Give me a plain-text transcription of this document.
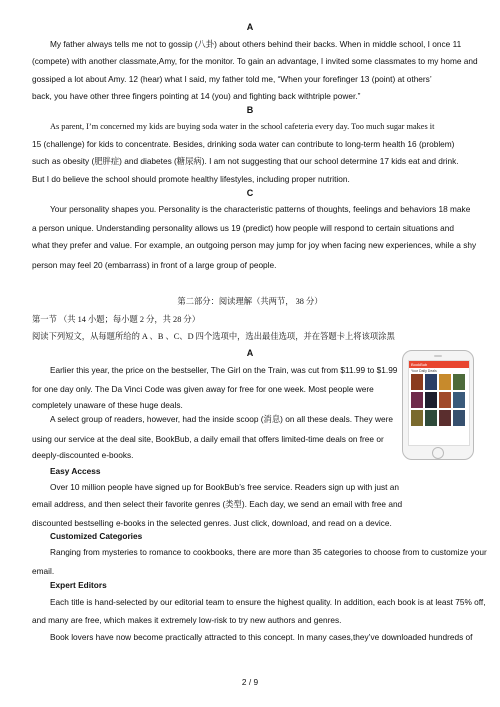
A
My father always tells me not to gossip (八卦) about others behind their backs. When in middle school, I once 11
(compete) with another classmate,Amy, for the monitor. To gain an advantage, I invited some classmates to my home and
gossiped a lot about Amy. 12 (hear) what I said, my father told me, “When your forefinger 13 (point) at others’
back, you have other three fingers pointing at 14 (you) and fighting back withtriple power.”
B
As parent, I’m concerned my kids are buying soda water in the school cafeteria every day. Too much sugar makes it
15 (challenge) for kids to concentrate. Besides, drinking soda water can contribute to long-term health 16 (problem)
such as obesity (肥胖症) and diabetes (糖尿病). I am not suggesting that our school determine 17 kids eat and drink.
But I do believe the school should promote healthy lifestyles, including proper nutrition.
C
Your personality shapes you. Personality is the characteristic patterns of thoughts, feelings and behaviors 18 make
a person unique. Understanding personality allows us 19 (predict) how people will respond to certain situations and
what they prefer and value. For example, an outgoing person may jump for joy when facing new experiences, while a shy
person may feel 20 (embarrass) in front of a large group of people.
第二部分：阅读理解（共两节， 38 分）
第一节 （共 14 小题；每小题 2 分，共 28 分）
阅读下列短文，从每题所给的 A 、B 、C、D 四个选项中，选出最佳选项，并在答题卡上将该项涂黑
A
Earlier this year, the price on the bestseller, The Girl on the Train, was cut from $11.99 to $1.99
for one day only. The Da Vinci Code was given away for free for one week. Most people were
completely unaware of these huge deals.
A select group of readers, however, had the inside scoop (消息) on all these deals. They were
using our service at the deal site, BookBub, a daily email that offers limited-time deals on free or
deeply-discounted e-books.
Easy Access
Over 10 million people have signed up for BookBub’s free service. Readers sign up with just an
email address, and then select their favorite genres (类型). Each day, we send an email with free and
discounted bestselling e-books in the selected genres. Just click, download, and read on a device.
Customized Categories
Ranging from mysteries to romance to cookbooks, there are more than 35 categories to choose from to customize your
email.
Expert Editors
Each title is hand-selected by our editorial team to ensure the highest quality. In addition, each book is at least 75% off,
and many are free, which makes it extremely low-risk to try new authors and genres.
Book lovers have now become practically attracted to this concept. In many cases,they’ve downloaded hundreds of
BookBub
Your Daily Deals
2 / 9
